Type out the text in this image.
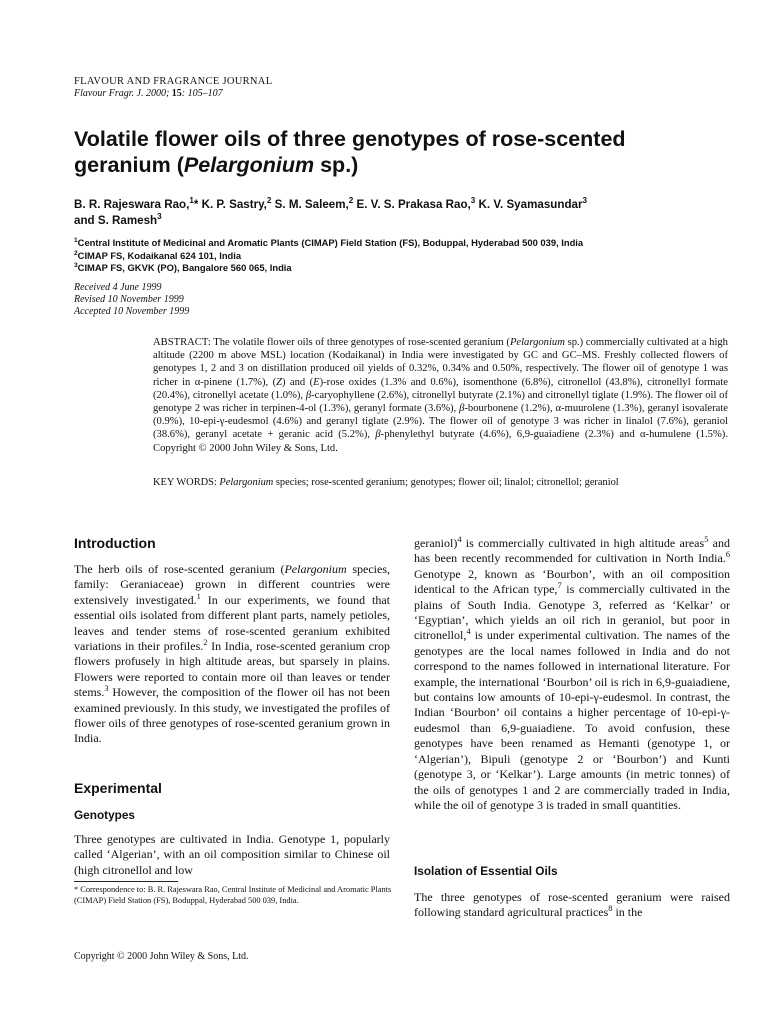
FLAVOUR AND FRAGRANCE JOURNAL
Flavour Fragr. J. 2000; 15: 105–107
Volatile flower oils of three genotypes of rose-scented
geranium (Pelargonium sp.)
B. R. Rajeswara Rao,$^1$* K. P. Sastry,$^2$ S. M. Saleem,$^2$ E. V. S. Prakasa Rao,$^3$ K. V. Syamasundar$^3$
and S. Ramesh$^3$
$^1$Central Institute of Medicinal and Aromatic Plants (CIMAP) Field Station (FS), Boduppal, Hyderabad 500 039, India
$^2$CIMAP FS, Kodaikanal 624 101, India
$^3$CIMAP FS, GKVK (PO), Bangalore 560 065, India
Received 4 June 1999
Revised 10 November 1999
Accepted 10 November 1999
ABSTRACT: The volatile flower oils of three genotypes of rose-scented geranium (Pelargonium sp.) commercially cultivated at a high altitude (2200 m above MSL) location (Kodaikanal) in India were investigated by GC and GC–MS. Freshly collected flowers of genotypes 1, 2 and 3 on distillation produced oil yields of 0.32%, 0.34% and 0.50%, respectively. The flower oil of genotype 1 was richer in α-pinene (1.7%), (Z) and (E)-rose oxides (1.3% and 0.6%), isomenthone (6.8%), citronellol (43.8%), citronellyl formate (20.4%), citronellyl acetate (1.0%), β-caryophyllene (2.6%), citronellyl butyrate (2.1%) and citronellyl tiglate (1.9%). The flower oil of genotype 2 was richer in terpinen-4-ol (1.3%), geranyl formate (3.6%), β-bourbonene (1.2%), α-muurolene (1.3%), geranyl isovalerate (0.9%), 10-epi-γ-eudesmol (4.6%) and geranyl tiglate (2.9%). The flower oil of genotype 3 was richer in linalol (7.6%), geraniol (38.6%), geranyl acetate + geranic acid (5.2%), β-phenylethyl butyrate (4.6%), 6,9-guaiadiene (2.3%) and α-humulene (1.5%). Copyright © 2000 John Wiley & Sons, Ltd.
KEY WORDS: Pelargonium species; rose-scented geranium; genotypes; flower oil; linalol; citronellol; geraniol
Introduction

The herb oils of rose-scented geranium (Pelargonium species, family: Geraniaceae) grown in different countries were extensively investigated.$^1$ In our experiments, we found that essential oils isolated from different plant parts, namely petioles, leaves and tender stems of rose-scented geranium exhibited variations in their profiles.$^2$ In India, rose-scented geranium crop flowers profusely in high altitude areas, but sparsely in plains. Flowers were reported to contain more oil than leaves or tender stems.$^3$ However, the composition of the flower oil has not been examined previously. In this study, we investigated the profiles of flower oils of three genotypes of rose-scented geranium grown in India.

Experimental
Genotypes

Three genotypes are cultivated in India. Genotype 1, popularly called ‘Algerian’, with an oil composition similar to Chinese oil (high citronellol and low

* Correspondence to: B. R. Rajeswara Rao, Central Institute of Medicinal and Aromatic Plants (CIMAP) Field Station (FS), Boduppal, Hyderabad 500 039, India.
Copyright © 2000 John Wiley & Sons, Ltd.

geraniol)$^4$ is commercially cultivated in high altitude areas$^5$ and has been recently recommended for cultivation in North India.$^6$ Genotype 2, known as ‘Bourbon’, with an oil composition identical to the African type,$^7$ is commercially cultivated in the plains of South India. Genotype 3, referred as ‘Kelkar’ or ‘Egyptian’, which yields an oil rich in geraniol, but poor in citronellol,$^4$ is under experimental cultivation. The names of the genotypes are the local names followed in India and do not correspond to the names followed in international literature. For example, the international ‘Bourbon’ oil is rich in 6,9-guaiadiene, but contains low amounts of 10-epi-γ-eudesmol. In contrast, the Indian ‘Bourbon’ oil contains a higher percentage of 10-epi-γ-eudesmol than 6,9-guaiadiene. To avoid confusion, these genotypes have been renamed as Hemanti (genotype 1, or ‘Algerian’), Bipuli (genotype 2 or ‘Bourbon’) and Kunti (genotype 3, or ‘Kelkar’). Large amounts (in metric tonnes) of the oils of genotypes 1 and 2 are commercially traded in India, while the oil of genotype 3 is traded in small quantities.

Isolation of Essential Oils

The three genotypes of rose-scented geranium were raised following standard agricultural practices$^8$ in the
